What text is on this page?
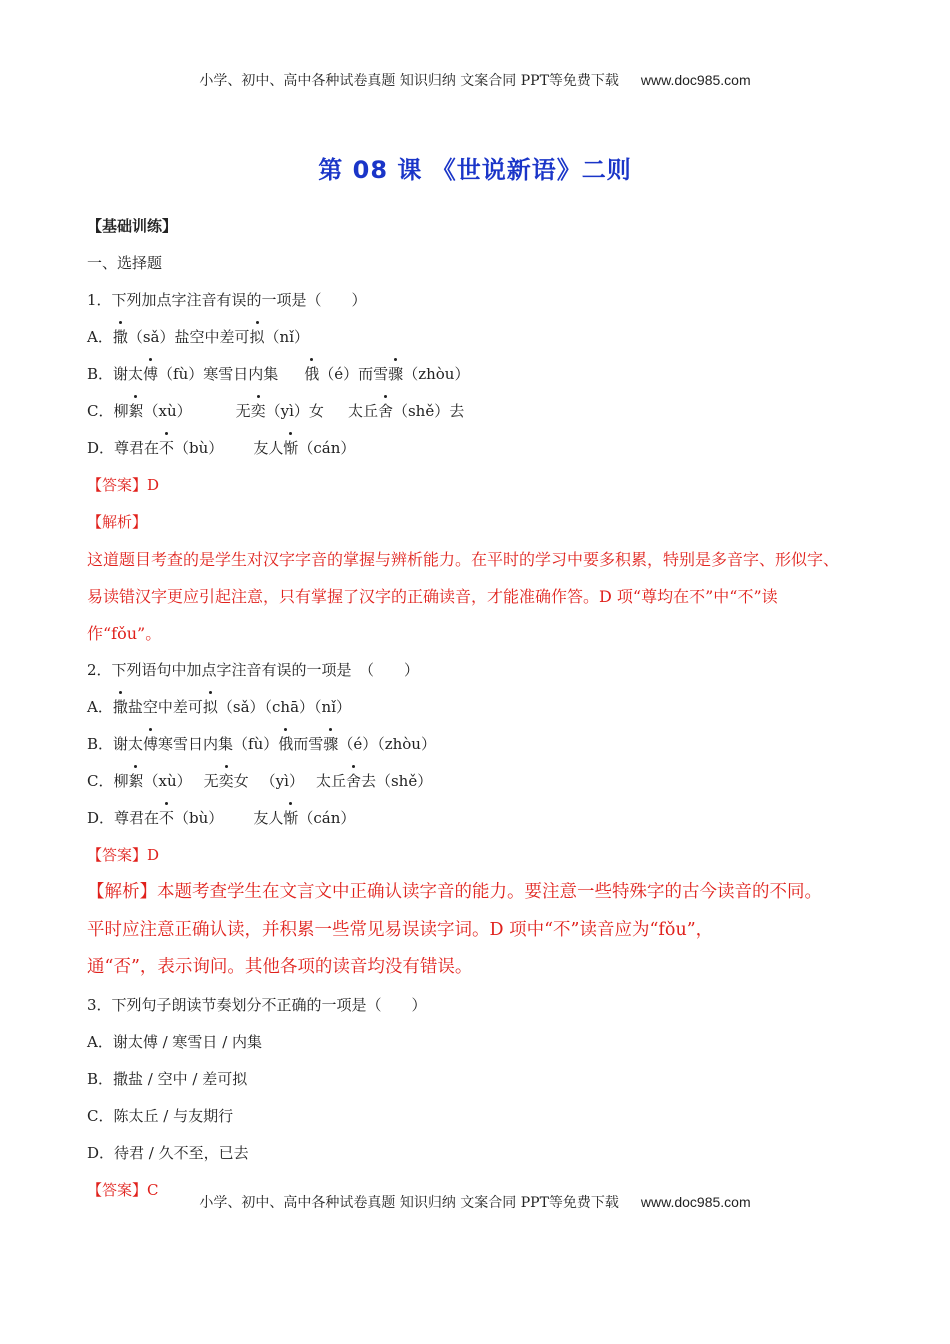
小学、初中、高中各种试卷真题 知识归纳 文案合同 PPT等免费下载 www.doc985.com
第 08 课 《世说新语》二则
【基础训练】
一、选择题
1．下列加点字注音有误的一项是（　　）
A．撒（sǎ）盐空中差可拟（nǐ）
B．谢太傅（fù）寒雪日内集 俄（é）而雪骤（zhòu）
C．柳絮（xù）	无奕（yì）女 太丘舍（shě）去
D．尊君在不（bù） 友人惭（cán）
【答案】D
【解析】
这道题目考查的是学生对汉字字音的掌握与辨析能力。在平时的学习中要多积累，特别是多音字、形似字、
易读错汉字更应引起注意，只有掌握了汉字的正确读音，才能准确作答。D 项“尊均在不”中“不”读
作“fǒu”。
2．下列语句中加点字注音有误的一项是　（　　）
A．撒盐空中差可拟（sǎ）（chā）（nǐ）
B．谢太傅寒雪日内集（fù）俄而雪骤（é）（zhòu）
C．柳絮（xù） 无奕女 （yì） 太丘舍去（shě）
D．尊君在不（bù） 友人惭（cán）
【答案】D
【解析】本题考查学生在文言文中正确认读字音的能力。要注意一些特殊字的古今读音的不同。
平时应注意正确认读，并积累一些常见易误读字词。D 项中“不”读音应为“fǒu”，
通“否”，表示询问。其他各项的读音均没有错误。
3．下列句子朗读节奏划分不正确的一项是（　　）
A．谢太傅 / 寒雪日 / 内集
B．撒盐 / 空中 / 差可拟
C．陈太丘 / 与友期行
D．待君 / 久不至，已去
【答案】C
小学、初中、高中各种试卷真题 知识归纳 文案合同 PPT等免费下载 www.doc985.com
